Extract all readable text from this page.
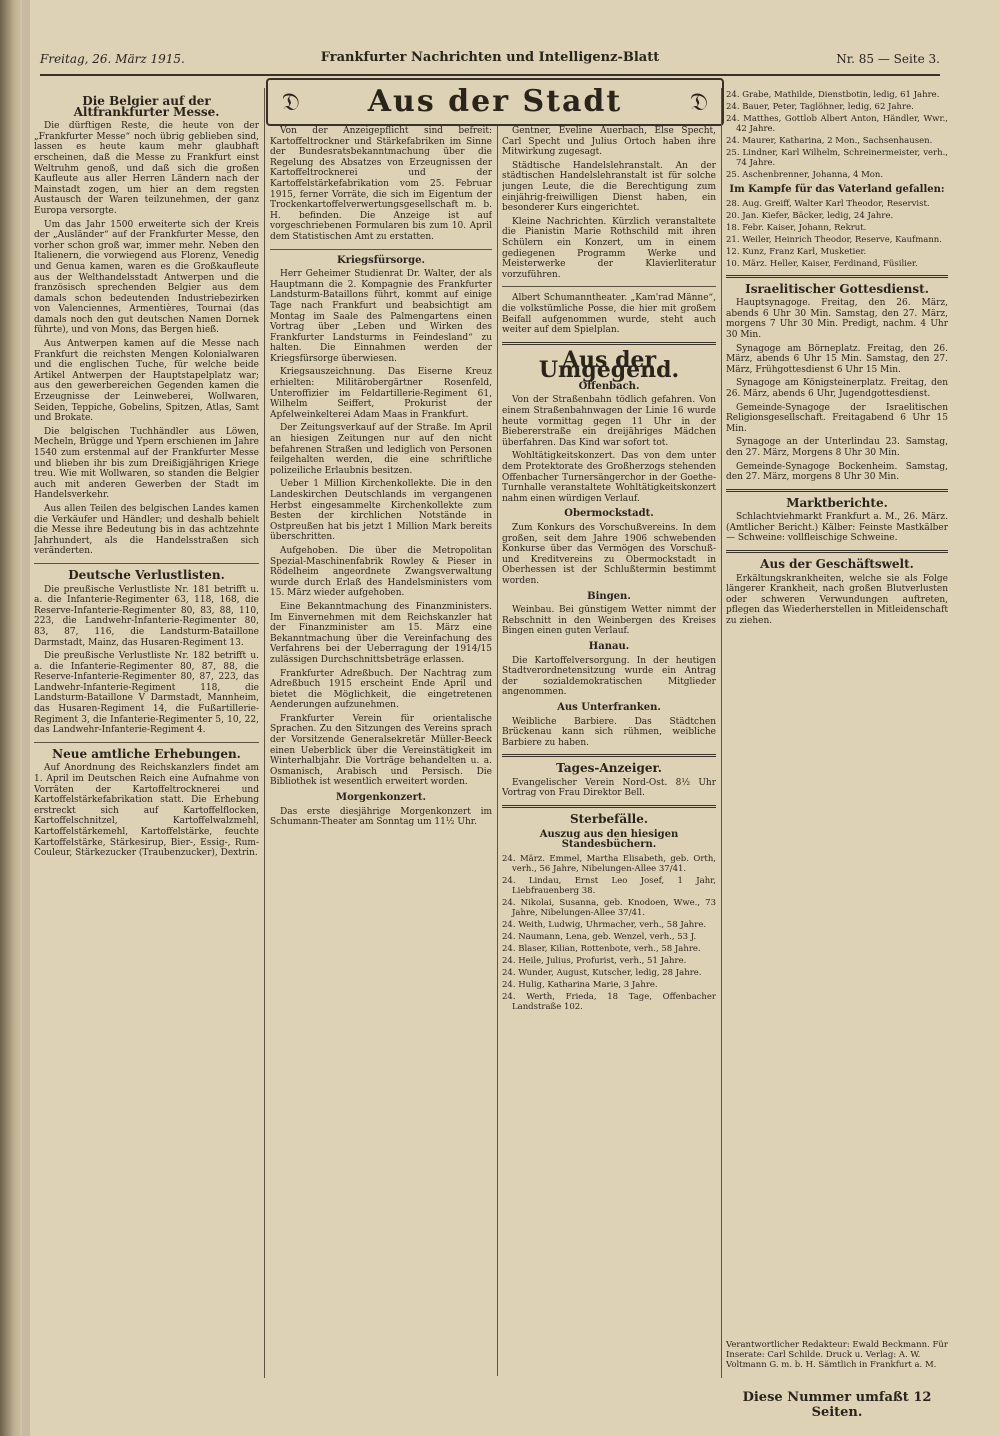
Freitag, 26. März 1915.	Frankfurter Nachrichten und Intelligenz-Blatt	Nr. 85 — Seite 3.
𝔇	Aus der Stadt	𝔇
Die Belgier auf der Altfrankfurter Messe.

Die dürftigen Reste, die heute von der „Frankfurter Messe“ noch übrig geblieben sind, lassen es heute kaum mehr glaubhaft erscheinen, daß die Messe zu Frankfurt einst Weltruhm genoß, und daß sich die großen Kaufleute aus aller Herren Ländern nach der Mainstadt zogen, um hier an dem regsten Austausch der Waren teilzunehmen, der ganz Europa versorgte.

Um das Jahr 1500 erweiterte sich der Kreis der „Ausländer“ auf der Frankfurter Messe, den vorher schon groß war, immer mehr. Neben den Italienern, die vorwiegend aus Florenz, Venedig und Genua kamen, waren es die Großkaufleute aus der Welthandelsstadt Antwerpen und die französisch sprechenden Belgier aus dem damals schon bedeutenden Industriebezirken von Valenciennes, Armentières, Tournai (das damals noch den gut deutschen Namen Dornek führte), und von Mons, das Bergen hieß.

Aus Antwerpen kamen auf die Messe nach Frankfurt die reichsten Mengen Kolonialwaren und die englischen Tuche, für welche beide Artikel Antwerpen der Hauptstapelplatz war; aus den gewerbereichen Gegenden kamen die Erzeugnisse der Leinweberei, Wollwaren, Seiden, Teppiche, Gobelins, Spitzen, Atlas, Samt und Brokate.

Die belgischen Tuchhändler aus Löwen, Mecheln, Brügge und Ypern erschienen im Jahre 1540 zum erstenmal auf der Frankfurter Messe und blieben ihr bis zum Dreißigjährigen Kriege treu. Wie mit Wollwaren, so standen die Belgier auch mit anderen Gewerben der Stadt im Handelsverkehr.

Aus allen Teilen des belgischen Landes kamen die Verkäufer und Händler; und deshalb behielt die Messe ihre Bedeutung bis in das achtzehnte Jahrhundert, als die Handelsstraßen sich veränderten.

Deutsche Verlustlisten.

Die preußische Verlustliste Nr. 181 betrifft u. a. die Infanterie-Regimenter 63, 118, 168, die Reserve-Infanterie-Regimenter 80, 83, 88, 110, 223, die Landwehr-Infanterie-Regimenter 80, 83, 87, 116, die Landsturm-Bataillone Darmstadt, Mainz, das Husaren-Regiment 13.

Die preußische Verlustliste Nr. 182 betrifft u. a. die Infanterie-Regimenter 80, 87, 88, die Reserve-Infanterie-Regimenter 80, 87, 223, das Landwehr-Infanterie-Regiment 118, die Landsturm-Bataillone V Darmstadt, Mannheim, das Husaren-Regiment 14, die Fußartillerie-Regiment 3, die Infanterie-Regimenter 5, 10, 22, das Landwehr-Infanterie-Regiment 4.

Neue amtliche Erhebungen.

Auf Anordnung des Reichskanzlers findet am 1. April im Deutschen Reich eine Aufnahme von Vorräten der Kartoffeltrocknerei und Kartoffelstärkefabrikation statt. Die Erhebung erstreckt sich auf Kartoffelflocken, Kartoffelschnitzel, Kartoffelwalzmehl, Kartoffelstärkemehl, Kartoffelstärke, feuchte Kartoffelstärke, Stärkesirup, Bier-, Essig-, Rum-Couleur, Stärkezucker (Traubenzucker), Dextrin.

Von der Anzeigepflicht sind befreit: Kartoffeltrockner und Stärkefabriken im Sinne der Bundesratsbekanntmachung über die Regelung des Absatzes von Erzeugnissen der Kartoffeltrocknerei und der Kartoffelstärkefabrikation vom 25. Februar 1915, ferner Vorräte, die sich im Eigentum der Trockenkartoffelverwertungsgesellschaft m. b. H. befinden. Die Anzeige ist auf vorgeschriebenen Formularen bis zum 10. April dem Statistischen Amt zu erstatten.

Kriegsfürsorge.

Herr Geheimer Studienrat Dr. Walter, der als Hauptmann die 2. Kompagnie des Frankfurter Landsturm-Bataillons führt, kommt auf einige Tage nach Frankfurt und beabsichtigt am Montag im Saale des Palmengartens einen Vortrag über „Leben und Wirken des Frankfurter Landsturms in Feindesland“ zu halten. Die Einnahmen werden der Kriegsfürsorge überwiesen.

Kriegsauszeichnung. Das Eiserne Kreuz erhielten: Militärobergärtner Rosenfeld, Unteroffizier im Feldartillerie-Regiment 61, Wilhelm Seiffert, Prokurist der Apfelweinkelterei Adam Maas in Frankfurt.

Der Zeitungsverkauf auf der Straße. Im April an hiesigen Zeitungen nur auf den nicht befahrenen Straßen und lediglich von Personen feilgehalten werden, die eine schriftliche polizeiliche Erlaubnis besitzen.

Ueber 1 Million Kirchenkollekte. Die in den Landeskirchen Deutschlands im vergangenen Herbst eingesammelte Kirchenkollekte zum Besten der kirchlichen Notstände in Ostpreußen hat bis jetzt 1 Million Mark bereits überschritten.

Aufgehoben. Die über die Metropolitan Spezial-Maschinenfabrik Rowley & Pieser in Rödelheim angeordnete Zwangsverwaltung wurde durch Erlaß des Handelsministers vom 15. März wieder aufgehoben.

Eine Bekanntmachung des Finanzministers. Im Einvernehmen mit dem Reichskanzler hat der Finanzminister am 15. März eine Bekanntmachung über die Vereinfachung des Verfahrens bei der Ueberragung der 1914/15 zulässigen Durchschnittsbeträge erlassen.

Frankfurter Adreßbuch. Der Nachtrag zum Adreßbuch 1915 erscheint Ende April und bietet die Möglichkeit, die eingetretenen Aenderungen aufzunehmen.

Frankfurter Verein für orientalische Sprachen. Zu den Sitzungen des Vereins sprach der Vorsitzende Generalsekretär Müller-Beeck einen Ueberblick über die Vereinstätigkeit im Winterhalbjahr. Die Vorträge behandelten u. a. Osmanisch, Arabisch und Persisch. Die Bibliothek ist wesentlich erweitert worden.

Morgenkonzert.

Das erste diesjährige Morgenkonzert im Schumann-Theater am Sonntag um 11½ Uhr.

Gentner, Eveline Auerbach, Else Specht, Carl Specht und Julius Ortoch haben ihre Mitwirkung zugesagt.

Städtische Handelslehranstalt. An der städtischen Handelslehranstalt ist für solche jungen Leute, die die Berechtigung zum einjährig-freiwilligen Dienst haben, ein besonderer Kurs eingerichtet.

Kleine Nachrichten. Kürzlich veranstaltete die Pianistin Marie Rothschild mit ihren Schülern ein Konzert, um in einem gediegenen Programm Werke und Meisterwerke der Klavierliteratur vorzuführen.

Albert Schumanntheater. „Kam'rad Männe“, die volkstümliche Posse, die hier mit großem Beifall aufgenommen wurde, steht auch weiter auf dem Spielplan.

Aus der Umgegend.
Offenbach.

Von der Straßenbahn tödlich gefahren. Von einem Straßenbahnwagen der Linie 16 wurde heute vormittag gegen 11 Uhr in der Biebererstraße ein dreijähriges Mädchen überfahren. Das Kind war sofort tot.

Wohltätigkeitskonzert. Das von dem unter dem Protektorate des Großherzogs stehenden Offenbacher Turnersängerchor in der Goethe-Turnhalle veranstaltete Wohltätigkeitskonzert nahm einen würdigen Verlauf.

Obermockstadt.

Zum Konkurs des Vorschußvereins. In dem großen, seit dem Jahre 1906 schwebenden Konkurse über das Vermögen des Vorschuß- und Kreditvereins zu Obermockstadt in Oberhessen ist der Schlußtermin bestimmt worden.

Bingen.

Weinbau. Bei günstigem Wetter nimmt der Rebschnitt in den Weinbergen des Kreises Bingen einen guten Verlauf.

Hanau.

Die Kartoffelversorgung. In der heutigen Stadtverordnetensitzung wurde ein Antrag der sozialdemokratischen Mitglieder angenommen.

Aus Unterfranken.

Weibliche Barbiere. Das Städtchen Brückenau kann sich rühmen, weibliche Barbiere zu haben.

Tages-Anzeiger.

Evangelischer Verein Nord-Ost. 8½ Uhr Vortrag von Frau Direktor Bell.

Sterbefälle.
Auszug aus den hiesigen Standesbüchern.
24. März. Emmel, Martha Elisabeth, geb. Orth, verh., 56 Jahre, Nibelungen-Allee 37/41.
24. Lindau, Ernst Leo Josef, 1 Jahr, Liebfrauenberg 38.
24. Nikolai, Susanna, geb. Knodoen, Wwe., 73 Jahre, Nibelungen-Allee 37/41.
24. Weith, Ludwig, Uhrmacher, verh., 58 Jahre.
24. Naumann, Lena, geb. Wenzel, verh., 53 J.
24. Blaser, Kilian, Rottenbote, verh., 58 Jahre.
24. Heile, Julius, Profurist, verh., 51 Jahre.
24. Wunder, August, Kutscher, ledig, 28 Jahre.
24. Hulig, Katharina Marie, 3 Jahre.
24. Werth, Frieda, 18 Tage, Offenbacher Landstraße 102.
24. Grabe, Mathilde, Dienstbotin, ledig, 61 Jahre.
24. Bauer, Peter, Taglöhner, ledig, 62 Jahre.
24. Matthes, Gottlob Albert Anton, Händler, Wwr., 42 Jahre.
24. Maurer, Katharina, 2 Mon., Sachsenhausen.
25. Lindner, Karl Wilhelm, Schreinermeister, verh., 74 Jahre.
25. Aschenbrenner, Johanna, 4 Mon.
Im Kampfe für das Vaterland gefallen:
28. Aug. Greiff, Walter Karl Theodor, Reservist.
20. Jan. Kiefer, Bäcker, ledig, 24 Jahre.
18. Febr. Kaiser, Johann, Rekrut.
21. Weiler, Heinrich Theodor, Reserve, Kaufmann.
12. Kunz, Franz Karl, Musketier.
10. März. Heller, Kaiser, Ferdinand, Füsilier.
Israelitischer Gottesdienst.

Hauptsynagoge. Freitag, den 26. März, abends 6 Uhr 30 Min. Samstag, den 27. März, morgens 7 Uhr 30 Min. Predigt, nachm. 4 Uhr 30 Min.

Synagoge am Börneplatz. Freitag, den 26. März, abends 6 Uhr 15 Min. Samstag, den 27. März, Frühgottesdienst 6 Uhr 15 Min.

Synagoge am Königsteinerplatz. Freitag, den 26. März, abends 6 Uhr, Jugendgottesdienst.

Gemeinde-Synagoge der Israelitischen Religionsgesellschaft. Freitagabend 6 Uhr 15 Min.

Synagoge an der Unterlindau 23. Samstag, den 27. März, Morgens 8 Uhr 30 Min.

Gemeinde-Synagoge Bockenheim. Samstag, den 27. März, morgens 8 Uhr 30 Min.

Marktberichte.

Schlachtviehmarkt Frankfurt a. M., 26. März. (Amtlicher Bericht.) Kälber: Feinste Mastkälber — Schweine: vollfleischige Schweine.

Aus der Geschäftswelt.

Erkältungskrankheiten, welche sie als Folge längerer Krankheit, nach großen Blutverlusten oder schweren Verwundungen auftreten, pflegen das Wiederherstellen in Mitleidenschaft zu ziehen.

Verantwortlicher Redakteur: Ewald Beckmann. Für Inserate: Carl Schilde. Druck u. Verlag: A. W. Voltmann G. m. b. H. Sämtlich in Frankfurt a. M.
Diese Nummer umfaßt 12 Seiten.
